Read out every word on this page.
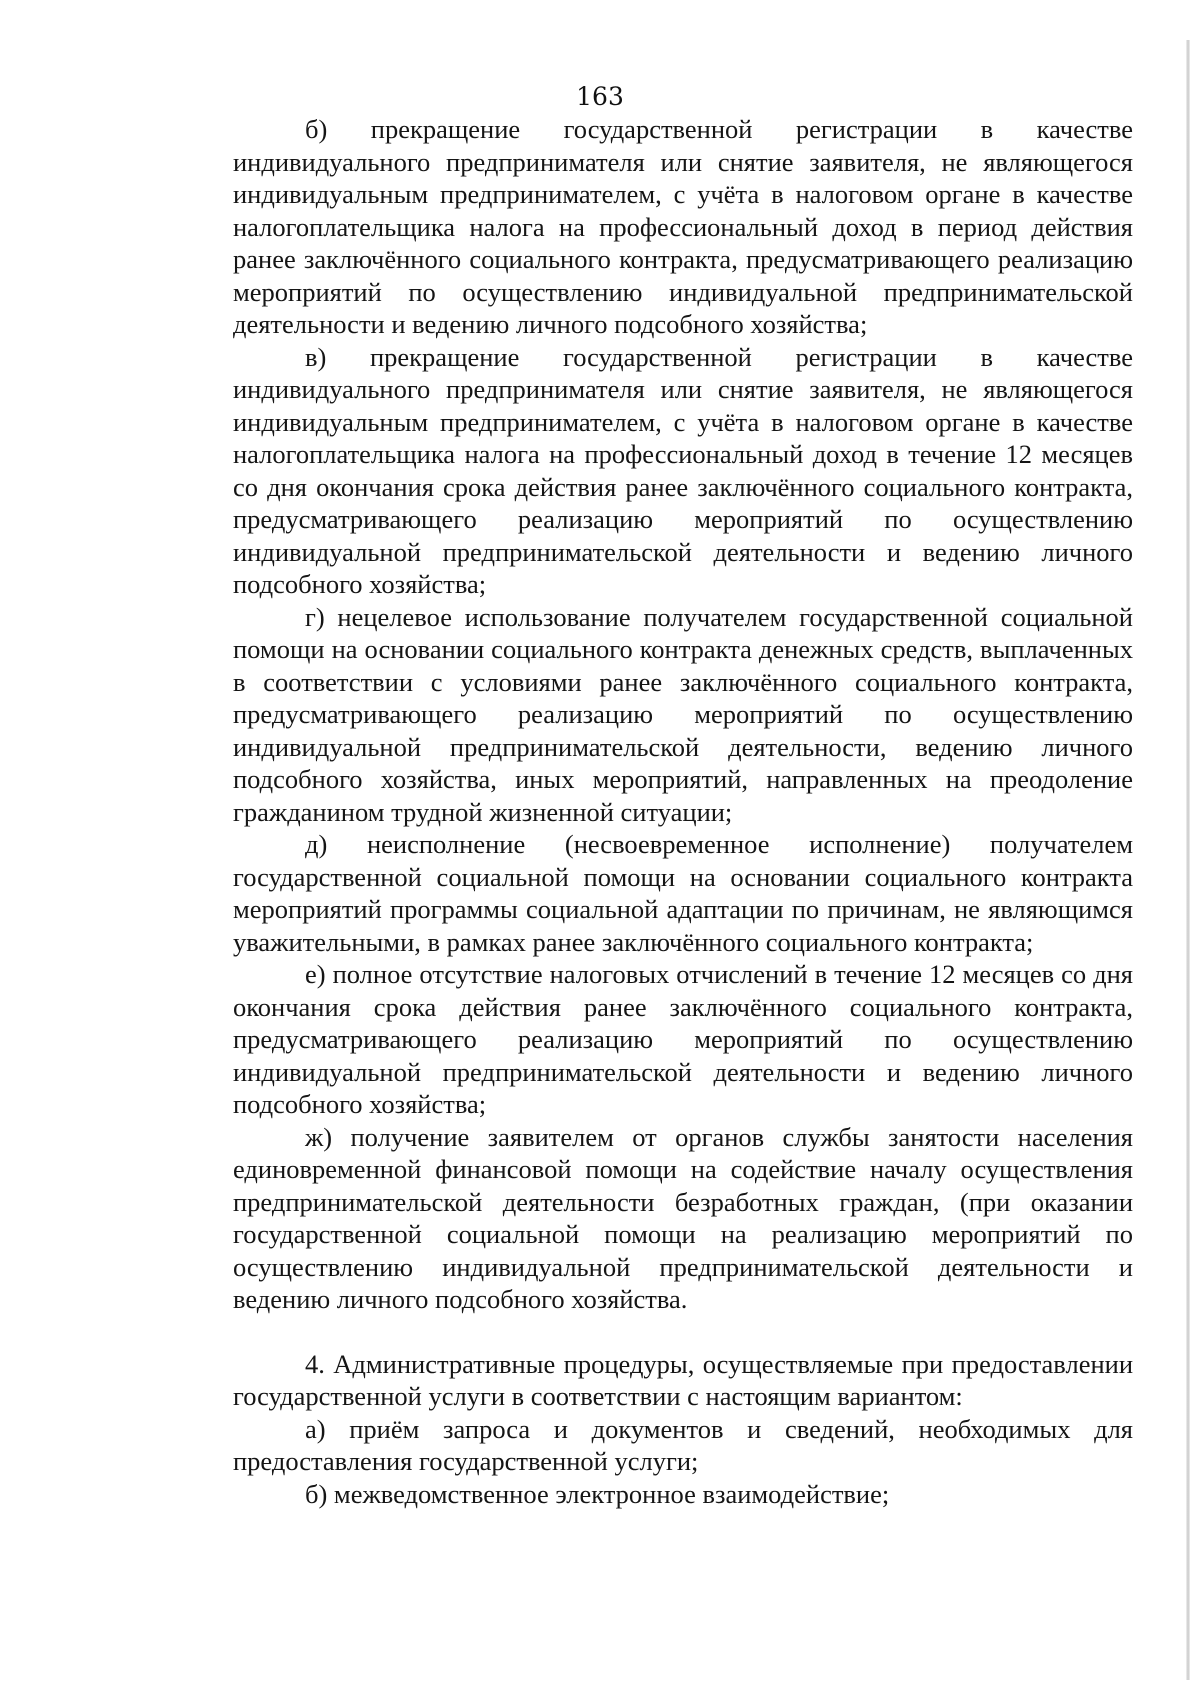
163

б) прекращение государственной регистрации в качестве индивидуального предпринимателя или снятие заявителя, не являющегося индивидуальным предпринимателем, с учёта в налоговом органе в качестве налогоплательщика налога на профессиональный доход в период действия ранее заключённого социального контракта, предусматривающего реализацию мероприятий по осуществлению индивидуальной предпринимательской деятельности и ведению личного подсобного хозяйства;

в) прекращение государственной регистрации в качестве индивидуального предпринимателя или снятие заявителя, не являющегося индивидуальным предпринимателем, с учёта в налоговом органе в качестве налогоплательщика налога на профессиональный доход в течение 12 месяцев со дня окончания срока действия ранее заключённого социального контракта, предусматривающего реализацию мероприятий по осуществлению индивидуальной предпринимательской деятельности и ведению личного подсобного хозяйства;

г) нецелевое использование получателем государственной социальной помощи на основании социального контракта денежных средств, выплаченных в соответствии с условиями ранее заключённого социального контракта, предусматривающего реализацию мероприятий по осуществлению индивидуальной предпринимательской деятельности, ведению личного подсобного хозяйства, иных мероприятий, направленных на преодоление гражданином трудной жизненной ситуации;

д) неисполнение (несвоевременное исполнение) получателем государственной социальной помощи на основании социального контракта мероприятий программы социальной адаптации по причинам, не являющимся уважительными, в рамках ранее заключённого социального контракта;

е) полное отсутствие налоговых отчислений в течение 12 месяцев со дня окончания срока действия ранее заключённого социального контракта, предусматривающего реализацию мероприятий по осуществлению индивидуальной предпринимательской деятельности и ведению личного подсобного хозяйства;

ж) получение заявителем от органов службы занятости населения единовременной финансовой помощи на содействие началу осуществления предпринимательской деятельности безработных граждан, (при оказании государственной социальной помощи на реализацию мероприятий по осуществлению индивидуальной предпринимательской деятельности и ведению личного подсобного хозяйства.

4. Административные процедуры, осуществляемые при предоставлении государственной услуги в соответствии с настоящим вариантом:

а) приём запроса и документов и сведений, необходимых для предоставления государственной услуги;

б) межведомственное электронное взаимодействие;
